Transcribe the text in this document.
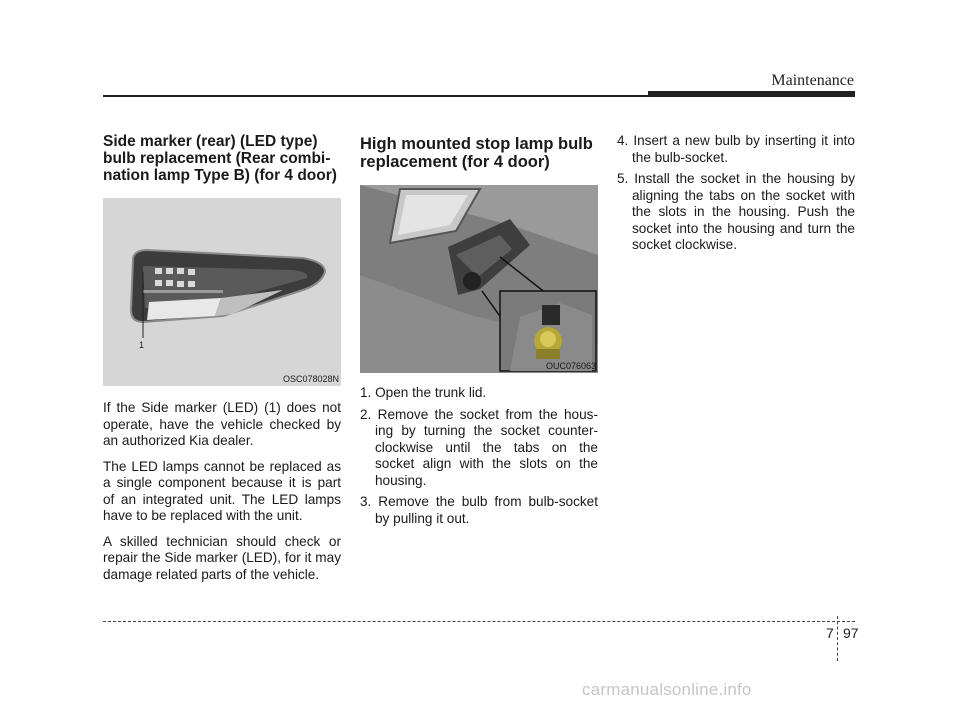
Maintenance
Side marker (rear) (LED type) bulb replacement (Rear combi-nation lamp Type B) (for 4 door)
1
OSC078028N

If the Side marker (LED) (1) does not operate, have the vehicle checked by an authorized Kia dealer.

The LED lamps cannot be replaced as a single component because it is part of an integrated unit. The LED lamps have to be replaced with the unit.

A skilled technician should check or repair the Side marker (LED), for it may damage related parts of the vehicle.

High mounted stop lamp bulb replacement (for 4 door)
OUC076063
1. Open the trunk lid.
2. Remove the socket from the hous-ing by turning the socket counter-clockwise until the tabs on the socket align with the slots on the housing.
3. Remove the bulb from bulb-socket by pulling it out.
4. Insert a new bulb by inserting it into the bulb-socket.
5. Install the socket in the housing by aligning the tabs on the socket with the slots in the housing. Push the socket into the housing and turn the socket clockwise.
7 97
carmanualsonline.info
